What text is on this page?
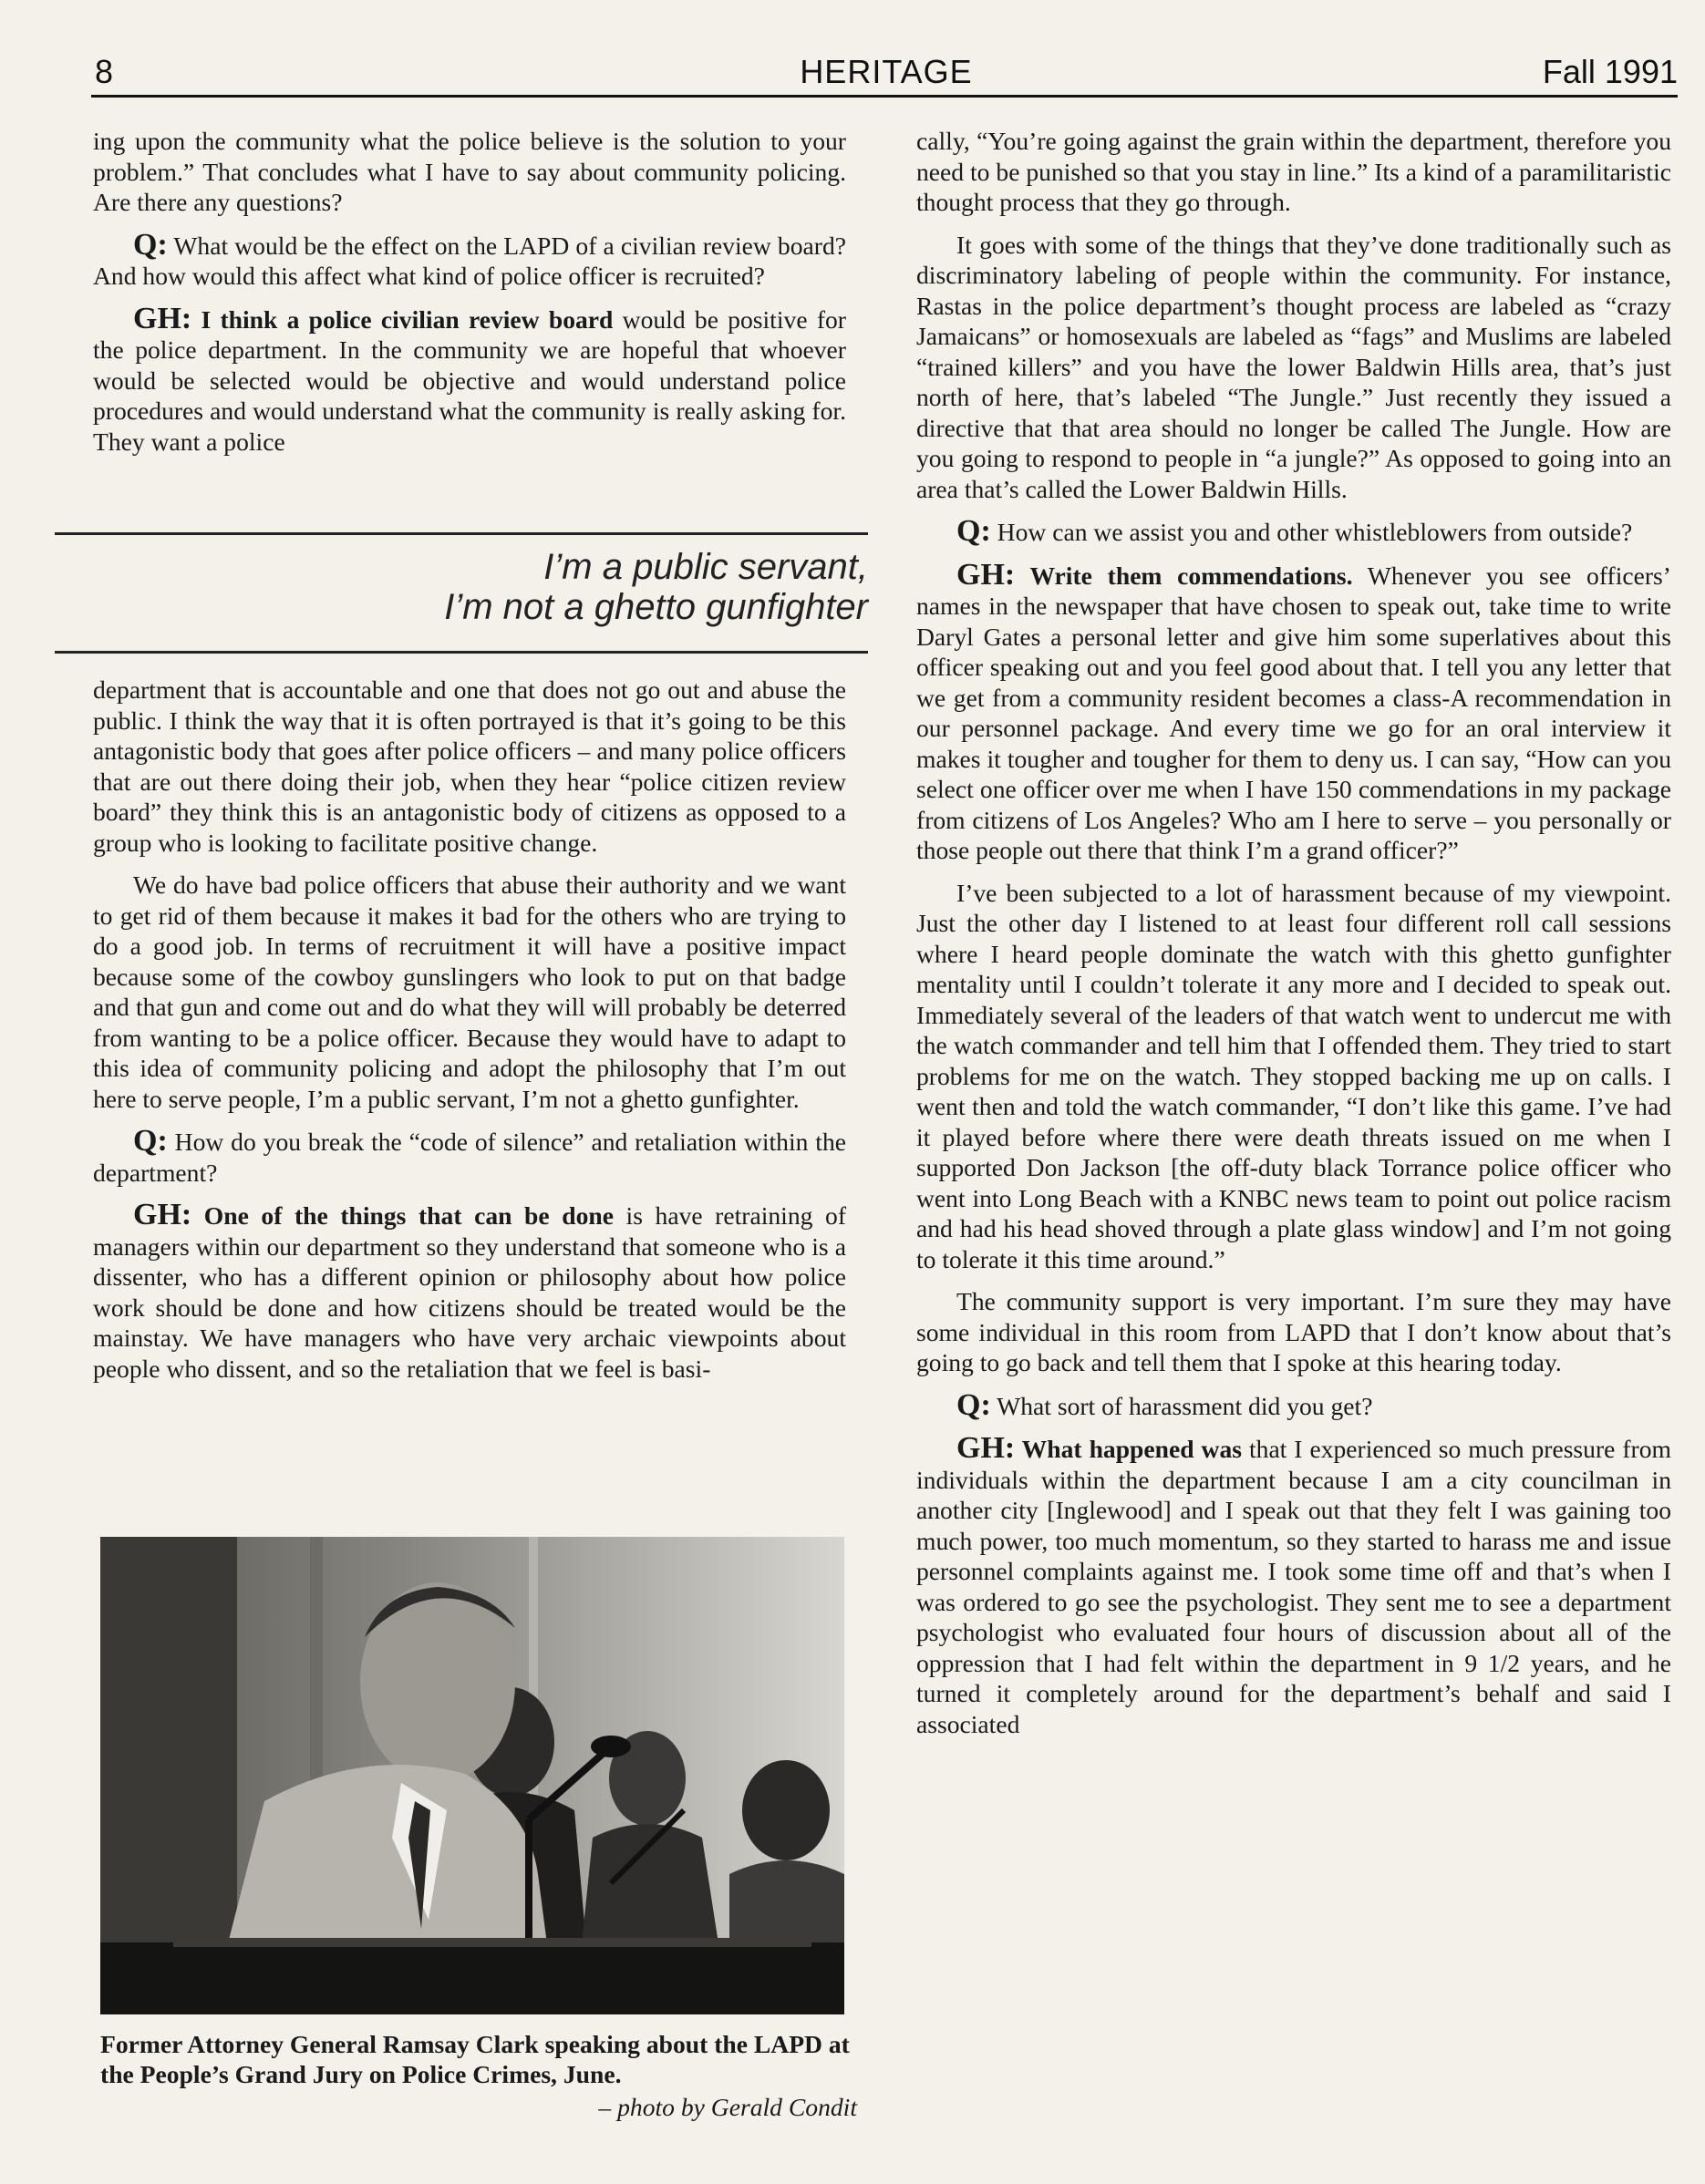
8	HERITAGE	Fall 1991

ing upon the community what the police believe is the solution to your problem.” That concludes what I have to say about community policing. Are there any questions?

Q: What would be the effect on the LAPD of a civilian review board? And how would this affect what kind of police officer is recruited?

GH: I think a police civilian review board would be positive for the police department. In the community we are hopeful that whoever would be selected would be objective and would understand police procedures and would understand what the community is really asking for. They want a police

I’m a public servant,
I’m not a ghetto gunfighter

department that is accountable and one that does not go out and abuse the public. I think the way that it is often portrayed is that it’s going to be this antagonistic body that goes after police officers – and many police officers that are out there doing their job, when they hear “police citizen review board” they think this is an antagonistic body of citizens as opposed to a group who is looking to facilitate positive change.

We do have bad police officers that abuse their authority and we want to get rid of them because it makes it bad for the others who are trying to do a good job. In terms of recruitment it will have a positive impact because some of the cowboy gunslingers who look to put on that badge and that gun and come out and do what they will will probably be deterred from wanting to be a police officer. Because they would have to adapt to this idea of community policing and adopt the philosophy that I’m out here to serve people, I’m a public servant, I’m not a ghetto gunfighter.

Q: How do you break the “code of silence” and retaliation within the department?

GH: One of the things that can be done is have retraining of managers within our department so they understand that someone who is a dissenter, who has a different opinion or philosophy about how police work should be done and how citizens should be treated would be the mainstay. We have managers who have very archaic viewpoints about people who dissent, and so the retaliation that we feel is basi-

Former Attorney General Ramsay Clark speaking about the LAPD at the People’s Grand Jury on Police Crimes, June.
– photo by Gerald Condit

cally, “You’re going against the grain within the department, therefore you need to be punished so that you stay in line.” Its a kind of a paramilitaristic thought process that they go through.

It goes with some of the things that they’ve done traditionally such as discriminatory labeling of people within the community. For instance, Rastas in the police department’s thought process are labeled as “crazy Jamaicans” or homosexuals are labeled as “fags” and Muslims are labeled “trained killers” and you have the lower Baldwin Hills area, that’s just north of here, that’s labeled “The Jungle.” Just recently they issued a directive that that area should no longer be called The Jungle. How are you going to respond to people in “a jungle?” As opposed to going into an area that’s called the Lower Baldwin Hills.

Q: How can we assist you and other whistleblowers from outside?

GH: Write them commendations. Whenever you see officers’ names in the newspaper that have chosen to speak out, take time to write Daryl Gates a personal letter and give him some superlatives about this officer speaking out and you feel good about that. I tell you any letter that we get from a community resident becomes a class-A recommendation in our personnel package. And every time we go for an oral interview it makes it tougher and tougher for them to deny us. I can say, “How can you select one officer over me when I have 150 commendations in my package from citizens of Los Angeles? Who am I here to serve – you personally or those people out there that think I’m a grand officer?”

I’ve been subjected to a lot of harassment because of my viewpoint. Just the other day I listened to at least four different roll call sessions where I heard people dominate the watch with this ghetto gunfighter mentality until I couldn’t tolerate it any more and I decided to speak out. Immediately several of the leaders of that watch went to undercut me with the watch commander and tell him that I offended them. They tried to start problems for me on the watch. They stopped backing me up on calls. I went then and told the watch commander, “I don’t like this game. I’ve had it played before where there were death threats issued on me when I supported Don Jackson [the off-duty black Torrance police officer who went into Long Beach with a KNBC news team to point out police racism and had his head shoved through a plate glass window] and I’m not going to tolerate it this time around.”

The community support is very important. I’m sure they may have some individual in this room from LAPD that I don’t know about that’s going to go back and tell them that I spoke at this hearing today.

Q: What sort of harassment did you get?

GH: What happened was that I experienced so much pressure from individuals within the department because I am a city councilman in another city [Inglewood] and I speak out that they felt I was gaining too much power, too much momentum, so they started to harass me and issue personnel complaints against me. I took some time off and that’s when I was ordered to go see the psychologist. They sent me to see a department psychologist who evaluated four hours of discussion about all of the oppression that I had felt within the department in 9 1/2 years, and he turned it completely around for the department’s behalf and said I associated
